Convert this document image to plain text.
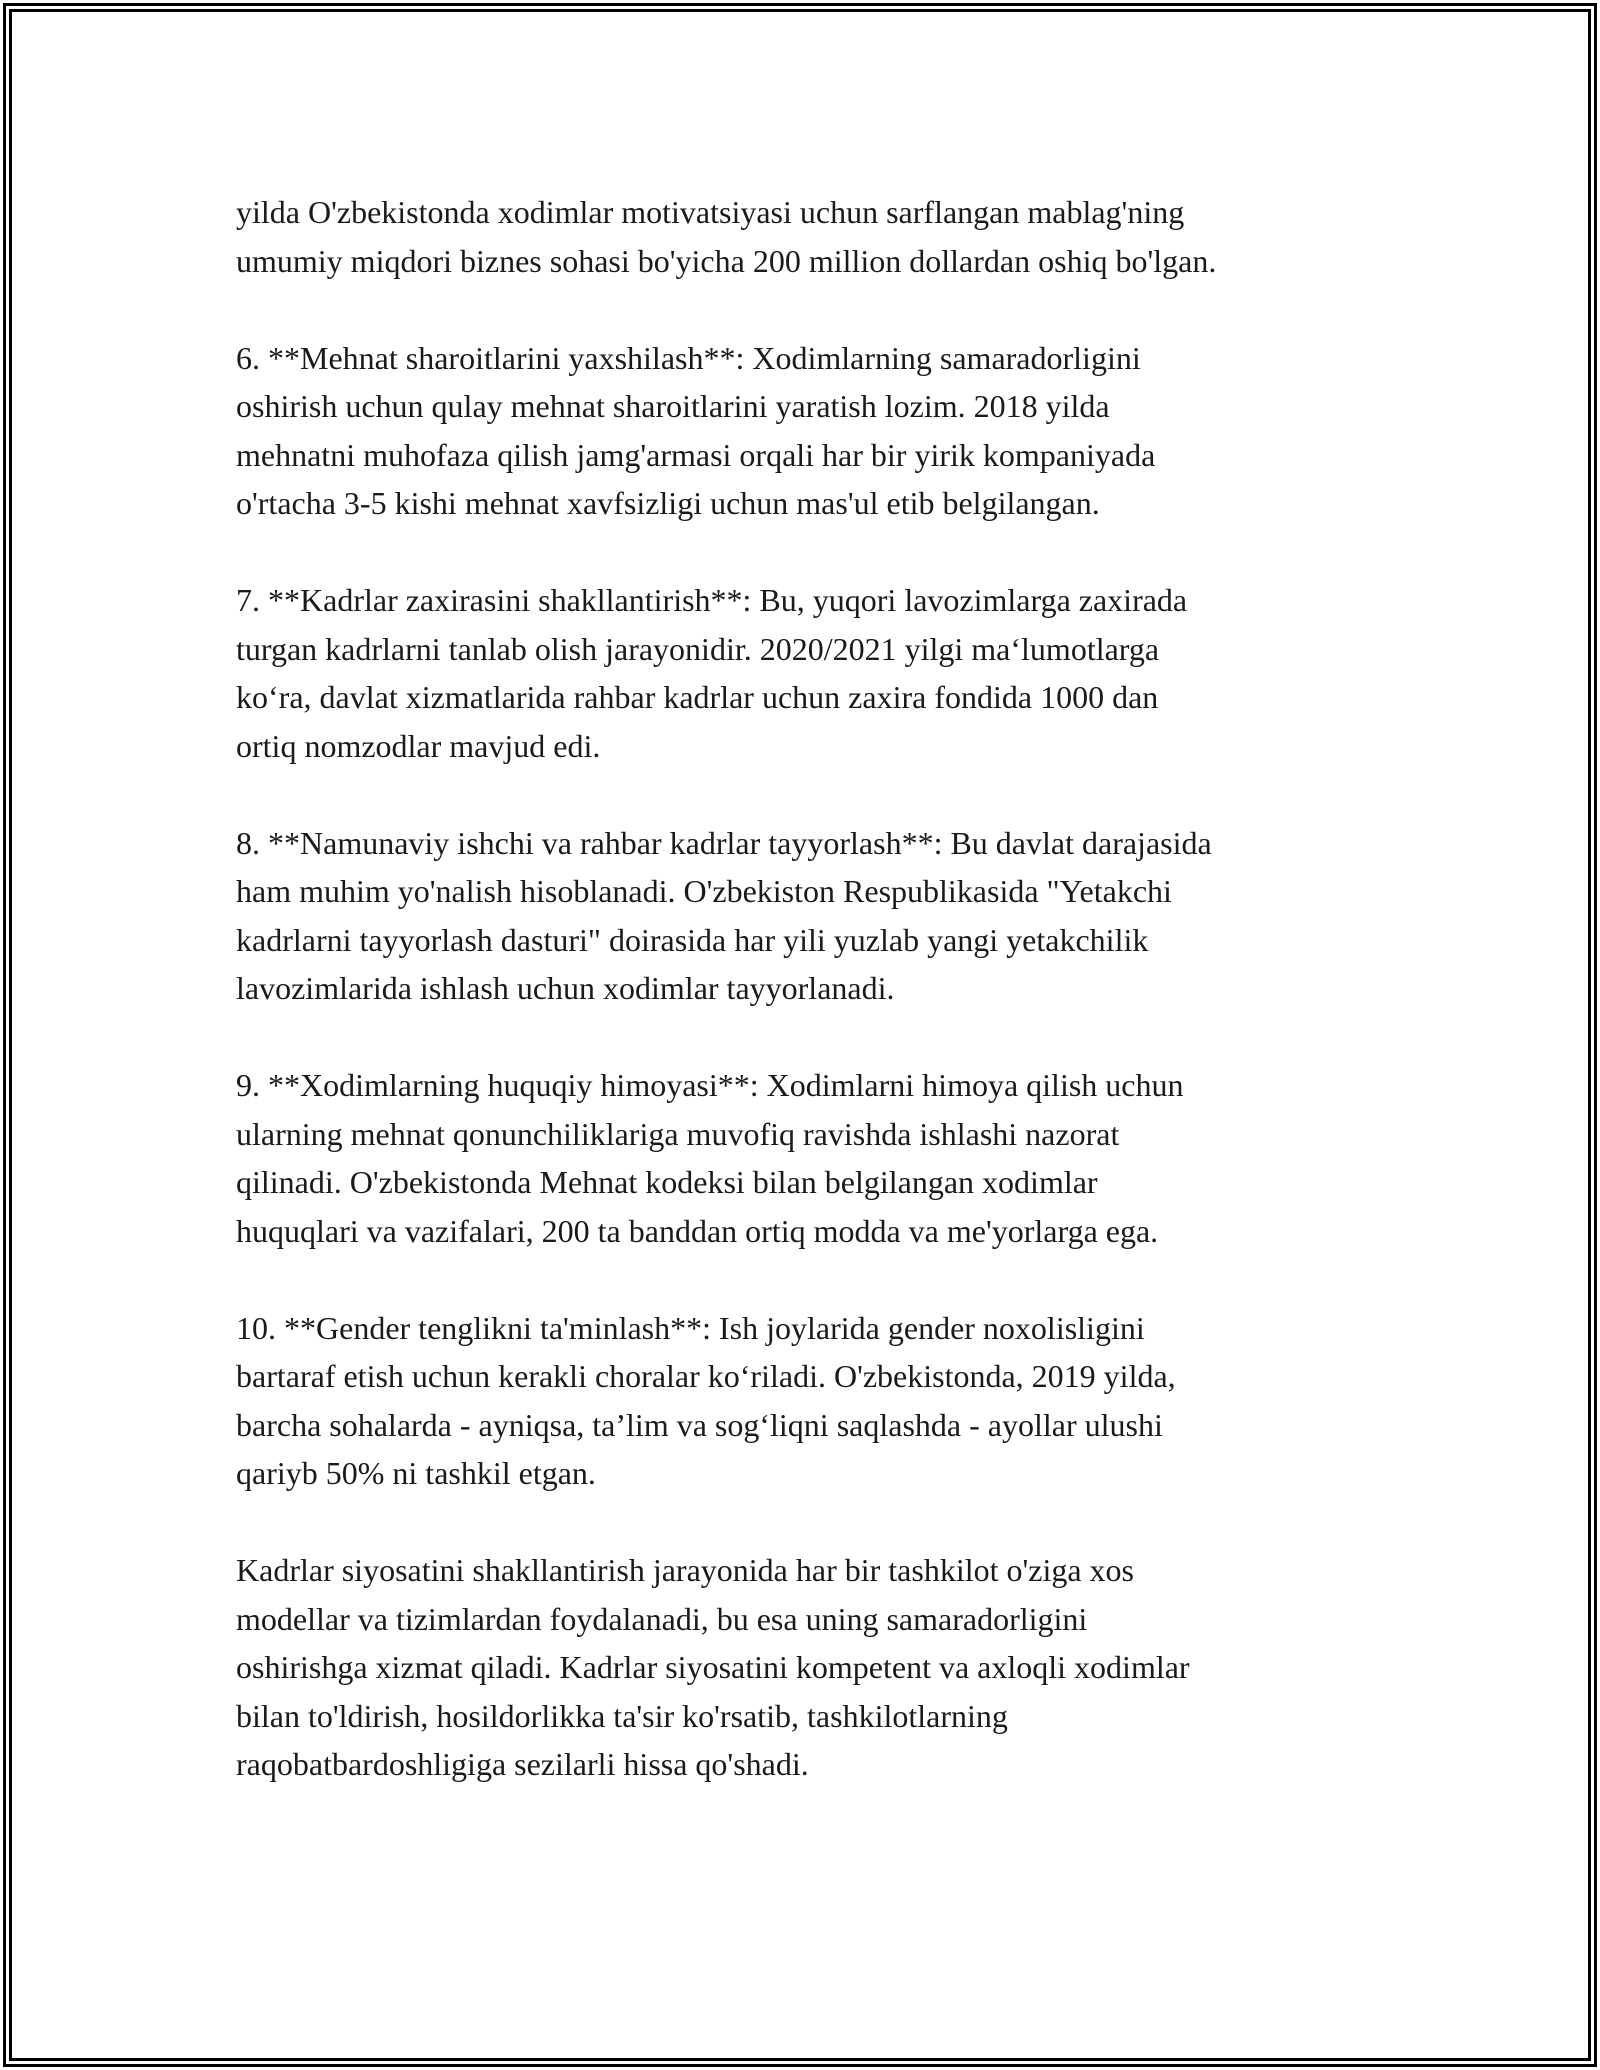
yilda O'zbekistonda xodimlar motivatsiyasi uchun sarflangan mablag'ning
umumiy miqdori biznes sohasi bo'yicha 200 million dollardan oshiq bo'lgan.

6. **Mehnat sharoitlarini yaxshilash**: Xodimlarning samaradorligini
oshirish uchun qulay mehnat sharoitlarini yaratish lozim. 2018 yilda
mehnatni muhofaza qilish jamg'armasi orqali har bir yirik kompaniyada
o'rtacha 3-5 kishi mehnat xavfsizligi uchun mas'ul etib belgilangan.

7. **Kadrlar zaxirasini shakllantirish**: Bu, yuqori lavozimlarga zaxirada
turgan kadrlarni tanlab olish jarayonidir. 2020/2021 yilgi ma‘lumotlarga
ko‘ra, davlat xizmatlarida rahbar kadrlar uchun zaxira fondida 1000 dan
ortiq nomzodlar mavjud edi.

8. **Namunaviy ishchi va rahbar kadrlar tayyorlash**: Bu davlat darajasida
ham muhim yo'nalish hisoblanadi. O'zbekiston Respublikasida "Yetakchi
kadrlarni tayyorlash dasturi" doirasida har yili yuzlab yangi yetakchilik
lavozimlarida ishlash uchun xodimlar tayyorlanadi.

9. **Xodimlarning huquqiy himoyasi**: Xodimlarni himoya qilish uchun
ularning mehnat qonunchiliklariga muvofiq ravishda ishlashi nazorat
qilinadi. O'zbekistonda Mehnat kodeksi bilan belgilangan xodimlar
huquqlari va vazifalari, 200 ta banddan ortiq modda va me'yorlarga ega.

10. **Gender tenglikni ta'minlash**: Ish joylarida gender noxolisligini
bartaraf etish uchun kerakli choralar ko‘riladi. O'zbekistonda, 2019 yilda,
barcha sohalarda - ayniqsa, ta’lim va sog‘liqni saqlashda - ayollar ulushi
qariyb 50% ni tashkil etgan.

Kadrlar siyosatini shakllantirish jarayonida har bir tashkilot o'ziga xos
modellar va tizimlardan foydalanadi, bu esa uning samaradorligini
oshirishga xizmat qiladi. Kadrlar siyosatini kompetent va axloqli xodimlar
bilan to'ldirish, hosildorlikka ta'sir ko'rsatib, tashkilotlarning
raqobatbardoshligiga sezilarli hissa qo'shadi.
